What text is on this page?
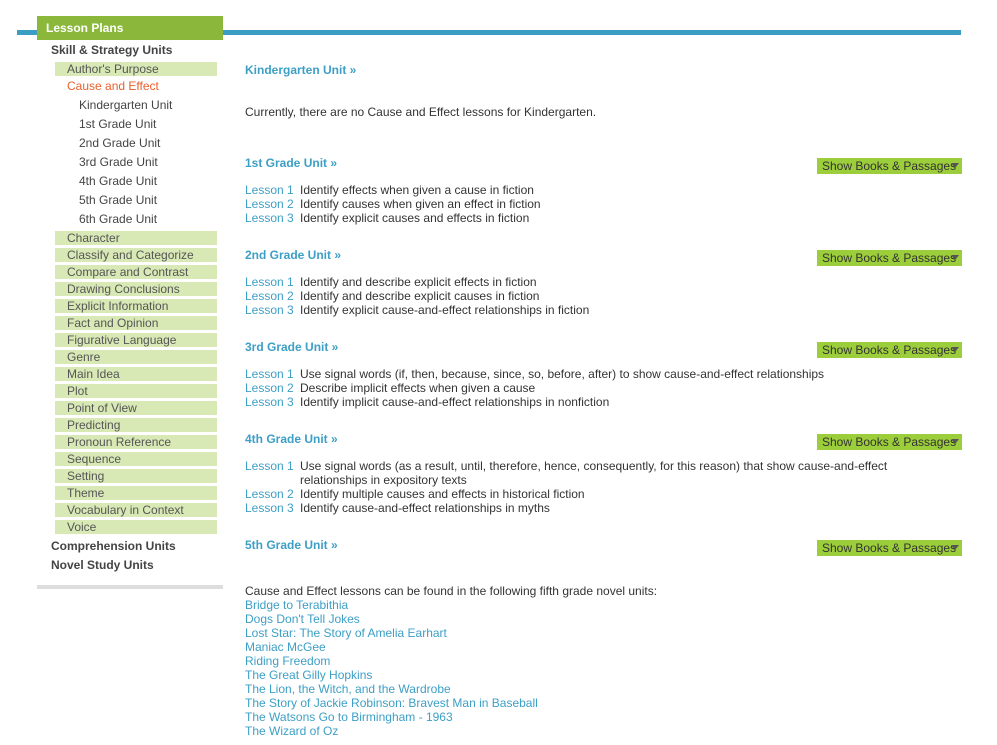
Lesson Plans
Skill & Strategy Units
Author's Purpose
Cause and Effect
Kindergarten Unit
1st Grade Unit
2nd Grade Unit
3rd Grade Unit
4th Grade Unit
5th Grade Unit
6th Grade Unit
Character
Classify and Categorize
Compare and Contrast
Drawing Conclusions
Explicit Information
Fact and Opinion
Figurative Language
Genre
Main Idea
Plot
Point of View
Predicting
Pronoun Reference
Sequence
Setting
Theme
Vocabulary in Context
Voice
Comprehension Units
Novel Study Units
Kindergarten Unit »
Currently, there are no Cause and Effect lessons for Kindergarten.
1st Grade Unit »	Show Books & Passages
Lesson 1 Identify effects when given a cause in fiction
Lesson 2 Identify causes when given an effect in fiction
Lesson 3 Identify explicit causes and effects in fiction
2nd Grade Unit »	Show Books & Passages
Lesson 1 Identify and describe explicit effects in fiction
Lesson 2 Identify and describe explicit causes in fiction
Lesson 3 Identify explicit cause-and-effect relationships in fiction
3rd Grade Unit »	Show Books & Passages
Lesson 1 Use signal words (if, then, because, since, so, before, after) to show cause-and-effect relationships
Lesson 2 Describe implicit effects when given a cause
Lesson 3 Identify implicit cause-and-effect relationships in nonfiction
4th Grade Unit »	Show Books & Passages
Lesson 1 Use signal words (as a result, until, therefore, hence, consequently, for this reason) that show cause-and-effect relationships in expository texts
Lesson 2 Identify multiple causes and effects in historical fiction
Lesson 3 Identify cause-and-effect relationships in myths
5th Grade Unit »	Show Books & Passages
Cause and Effect lessons can be found in the following fifth grade novel units:
Bridge to Terabithia
Dogs Don't Tell Jokes
Lost Star: The Story of Amelia Earhart
Maniac McGee
Riding Freedom
The Great Gilly Hopkins
The Lion, the Witch, and the Wardrobe
The Story of Jackie Robinson: Bravest Man in Baseball
The Watsons Go to Birmingham - 1963
The Wizard of Oz
